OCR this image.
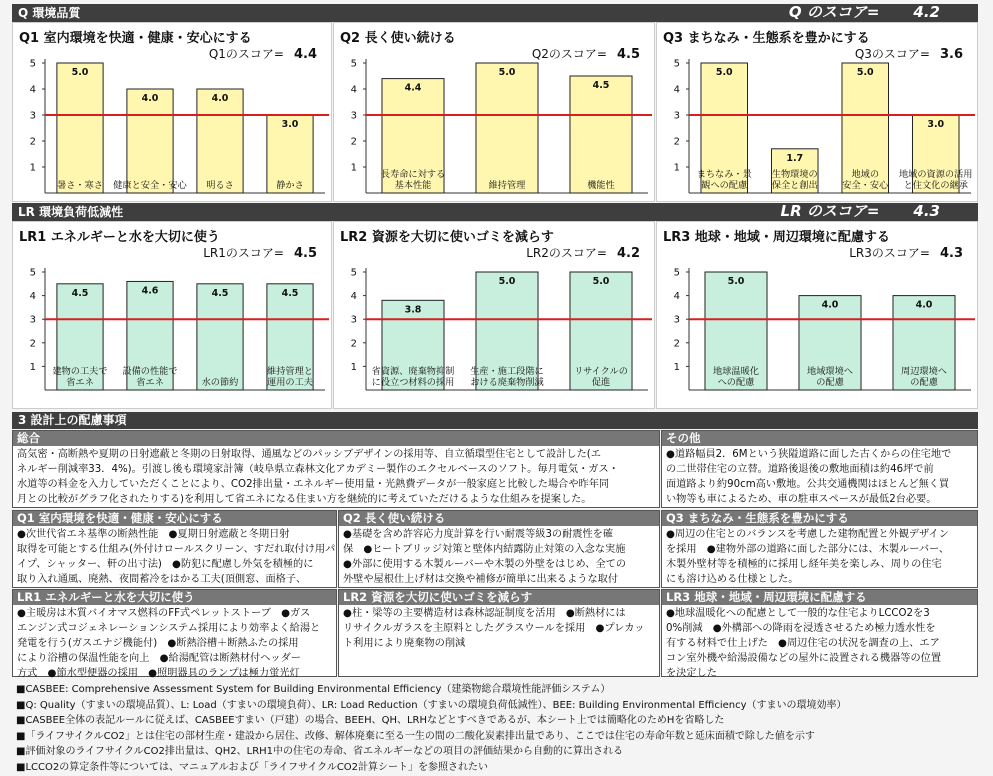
Q 環境品質	Q のスコア= 4.2
LR 環境負荷低減性	LR のスコア= 4.3
Q1 室内環境を快適・健康・安心にする
Q1のスコア= 4.4
1
2
3
4
5
5.0
暑さ・寒さ
4.0
健康と安全・安心
4.0
明るさ
3.0
静かさ
Q2 長く使い続ける
Q2のスコア= 4.5
1
2
3
4
5
4.4
長寿命に対する
基本性能
5.0
維持管理
4.5
機能性
Q3 まちなみ・生態系を豊かにする
Q3のスコア= 3.6
1
2
3
4
5
5.0
まちなみ・景
観への配慮
1.7
生物環境の
保全と創出
5.0
地域の
安全・安心
3.0
地域の資源の活用
と住文化の継承
LR1 エネルギーと水を大切に使う
LR1のスコア= 4.5
1
2
3
4
5
4.5
建物の工夫で
省エネ
4.6
設備の性能で
省エネ
4.5
水の節約
4.5
維持管理と
運用の工夫
LR2 資源を大切に使いゴミを減らす
LR2のスコア= 4.2
1
2
3
4
5
3.8
省資源、廃棄物抑制
に役立つ材料の採用
5.0
生産・施工段階に
おける廃棄物削減
5.0
リサイクルの
促進
LR3 地球・地域・周辺環境に配慮する
LR3のスコア= 4.3
1
2
3
4
5
5.0
地球温暖化
への配慮
4.0
地域環境へ
の配慮
4.0
周辺環境へ
の配慮
3 設計上の配慮事項
総合
高気密・高断熱や夏期の日射遮蔽と冬期の日射取得、通風などのパッシブデザインの採用等、自立循環型住宅として設計した(エ
ネルギー削減率33．4%)。引渡し後も環境家計簿（岐阜県立森林文化アカデミー製作のエクセルベースのソフト。毎月電気・ガス・
水道等の料金を入力していただくことにより、CO2排出量・エネルギー使用量・光熱費データが一般家庭と比較した場合や昨年同
月との比較がグラフ化されたりする)を利用して省エネになる住まい方を継続的に考えていただけるような仕組みを提案した。
その他
●道路幅員2．6Mという狭隘道路に面した古くからの住宅地で
の二世帯住宅の立替。道路後退後の敷地面積は約46坪で前
面道路より約90cm高い敷地。公共交通機関はほとんど無く買
い物等も車によるため、車の駐車スペースが最低2台必要。
Q1 室内環境を快適・健康・安心にする
●次世代省エネ基準の断熱性能　●夏期日射遮蔽と冬期日射
取得を可能とする仕組み(外付けロールスクリーン、すだれ取付け用パ
イプ、シャッター、軒の出寸法)　●防犯に配慮し外気を積極的に
取り入れ通風、廃熱、夜間蓄冷をはかる工夫(頂側窓、面格子、
Q2 長く使い続ける
●基礎を含め許容応力度計算を行い耐震等級3の耐震性を確
保　●ヒートブリッジ対策と壁体内結露防止対策の入念な実施
●外部に使用する木製ルーバーや木製の外壁をはじめ、全ての
外壁や屋根仕上げ材は交換や補修が簡単に出来るような取付
Q3 まちなみ・生態系を豊かにする
●周辺の住宅とのバランスを考慮した建物配置と外観デザイン
を採用　●建物外部の道路に面した部分には、木製ルーバー、
木製外壁材等を積極的に採用し経年美を楽しみ、周りの住宅
にも溶け込める仕様とした。
LR1 エネルギーと水を大切に使う
●主暖房は木質バイオマス燃料のFF式ペレットストーブ　●ガス
エンジン式コジェネレーションシステム採用により効率よく給湯と
発電を行う(ガスエナジ機能付)　●断熱浴槽＋断熱ふたの採用
により浴槽の保温性能を向上　●給湯配管は断熱材付ヘッダー
方式　●節水型便器の採用　●照明器具のランプは極力蛍光灯
LR2 資源を大切に使いゴミを減らす
●柱・梁等の主要構造材は森林認証制度を活用　●断熱材には
リサイクルガラスを主原料としたグラスウールを採用　●プレカッ
ト利用により廃棄物の削減
LR3 地球・地域・周辺環境に配慮する
●地球温暖化への配慮として一般的な住宅よりLCCO2を3
0%削減　●外構部への降雨を浸透させるため極力透水性を
有する材料で仕上げた　●周辺住宅の状況を調査の上、エア
コン室外機や給湯設備などの屋外に設置される機器等の位置
を決定した
■CASBEE: Comprehensive Assessment System for Building Environmental Efficiency（建築物総合環境性能評価システム）
■Q: Quality（すまいの環境品質）、L: Load（すまいの環境負荷）、LR: Load Reduction（すまいの環境負荷低減性）、BEE: Building Environmental Efficiency（すまいの環境効率）
■CASBEE全体の表記ルールに従えば、CASBEEすまい（戸建）の場合、BEEH、QH、LRHなどとすべきであるが、本シート上では簡略化のためHを省略した
■「ライフサイクルCO2」とは住宅の部材生産・建設から居住、改修、解体廃棄に至る一生の間の二酸化炭素排出量であり、ここでは住宅の寿命年数と延床面積で除した値を示す
■評価対象のライフサイクルCO2排出量は、QH2、LRH1中の住宅の寿命、省エネルギーなどの項目の評価結果から自動的に算出される
■LCCO2の算定条件等については、マニュアルおよび「ライフサイクルCO2計算シート」を参照されたい
